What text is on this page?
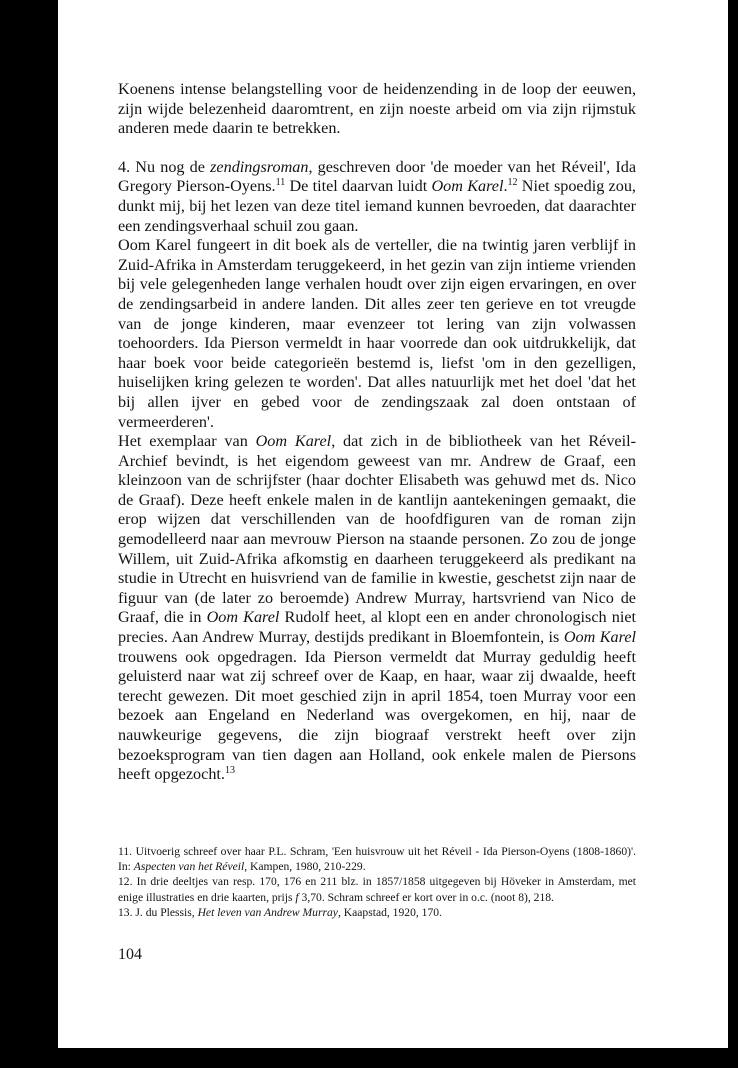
Koenens intense belangstelling voor de heidenzending in de loop der eeuwen, zijn wijde belezenheid daaromtrent, en zijn noeste arbeid om via zijn rijmstuk anderen mede daarin te betrekken.

4. Nu nog de zendingsroman, geschreven door 'de moeder van het Réveil', Ida Gregory Pierson-Oyens.$^{11}$ De titel daarvan luidt Oom Karel.$^{12}$ Niet spoedig zou, dunkt mij, bij het lezen van deze titel iemand kunnen bevroeden, dat daarachter een zendingsverhaal schuil zou gaan.

Oom Karel fungeert in dit boek als de verteller, die na twintig jaren verblijf in Zuid-Afrika in Amsterdam teruggekeerd, in het gezin van zijn intieme vrienden bij vele gelegenheden lange verhalen houdt over zijn eigen ervaringen, en over de zendingsarbeid in andere landen. Dit alles zeer ten gerieve en tot vreugde van de jonge kinderen, maar evenzeer tot lering van zijn volwassen toehoorders. Ida Pierson vermeldt in haar voorrede dan ook uitdrukkelijk, dat haar boek voor beide categorieën bestemd is, liefst 'om in den gezelligen, huiselijken kring gelezen te worden'. Dat alles natuurlijk met het doel 'dat het bij allen ijver en gebed voor de zendingszaak zal doen ontstaan of vermeerderen'.

Het exemplaar van Oom Karel, dat zich in de bibliotheek van het Réveil-Archief bevindt, is het eigendom geweest van mr. Andrew de Graaf, een kleinzoon van de schrijfster (haar dochter Elisabeth was gehuwd met ds. Nico de Graaf). Deze heeft enkele malen in de kantlijn aantekeningen gemaakt, die erop wijzen dat verschillenden van de hoofdfiguren van de roman zijn gemodelleerd naar aan mevrouw Pierson na staande personen. Zo zou de jonge Willem, uit Zuid-Afrika afkomstig en daarheen teruggekeerd als predikant na studie in Utrecht en huisvriend van de familie in kwestie, geschetst zijn naar de figuur van (de later zo beroemde) Andrew Murray, hartsvriend van Nico de Graaf, die in Oom Karel Rudolf heet, al klopt een en ander chronologisch niet precies. Aan Andrew Murray, destijds predikant in Bloemfontein, is Oom Karel trouwens ook opgedragen. Ida Pierson vermeldt dat Murray geduldig heeft geluisterd naar wat zij schreef over de Kaap, en haar, waar zij dwaalde, heeft terecht gewezen. Dit moet geschied zijn in april 1854, toen Murray voor een bezoek aan Engeland en Nederland was overgekomen, en hij, naar de nauwkeurige gegevens, die zijn biograaf verstrekt heeft over zijn bezoeksprogram van tien dagen aan Holland, ook enkele malen de Piersons heeft opgezocht.$^{13}$

11. Uitvoerig schreef over haar P.L. Schram, 'Een huisvrouw uit het Réveil - Ida Pierson-Oyens (1808-1860)'. In: Aspecten van het Réveil, Kampen, 1980, 210-229.

12. In drie deeltjes van resp. 170, 176 en 211 blz. in 1857/1858 uitgegeven bij Höveker in Amsterdam, met enige illustraties en drie kaarten, prijs f 3,70. Schram schreef er kort over in o.c. (noot 8), 218.

13. J. du Plessis, Het leven van Andrew Murray, Kaapstad, 1920, 170.

104
